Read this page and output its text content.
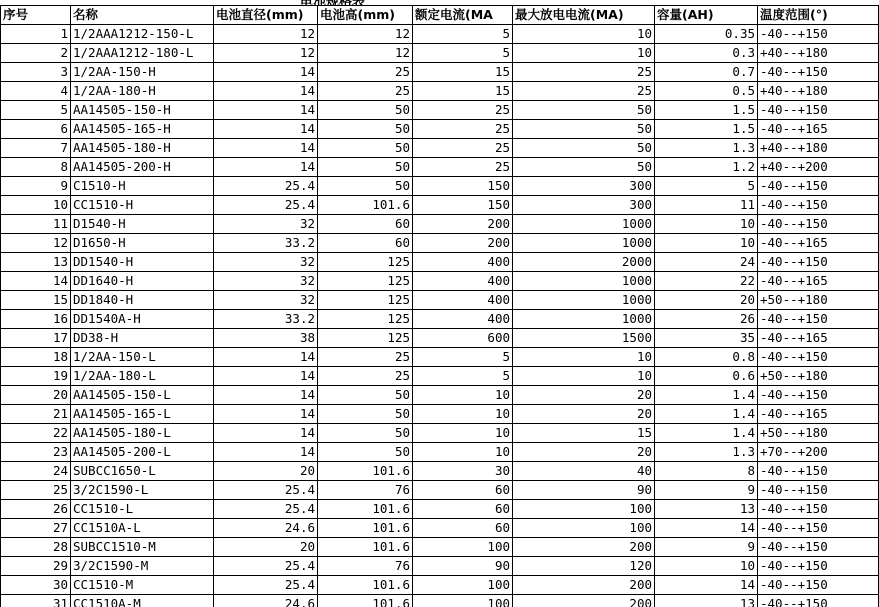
序号	名称	电池直径(mm)	电池高(mm)	额定电流(MA	最大放电电流(MA)	容量(AH)	温度范围(°)
1	1/2AAA1212-150-L	12	12	5	10	0.35	-40--+150
2	1/2AAA1212-180-L	12	12	5	10	0.3	+40--+180
3	1/2AA-150-H	14	25	15	25	0.7	-40--+150
4	1/2AA-180-H	14	25	15	25	0.5	+40--+180
5	AA14505-150-H	14	50	25	50	1.5	-40--+150
6	AA14505-165-H	14	50	25	50	1.5	-40--+165
7	AA14505-180-H	14	50	25	50	1.3	+40--+180
8	AA14505-200-H	14	50	25	50	1.2	+40--+200
9	C1510-H	25.4	50	150	300	5	-40--+150
10	CC1510-H	25.4	101.6	150	300	11	-40--+150
11	D1540-H	32	60	200	1000	10	-40--+150
12	D1650-H	33.2	60	200	1000	10	-40--+165
13	DD1540-H	32	125	400	2000	24	-40--+150
14	DD1640-H	32	125	400	1000	22	-40--+165
15	DD1840-H	32	125	400	1000	20	+50--+180
16	DD1540A-H	33.2	125	400	1000	26	-40--+150
17	DD38-H	38	125	600	1500	35	-40--+165
18	1/2AA-150-L	14	25	5	10	0.8	-40--+150
19	1/2AA-180-L	14	25	5	10	0.6	+50--+180
20	AA14505-150-L	14	50	10	20	1.4	-40--+150
21	AA14505-165-L	14	50	10	20	1.4	-40--+165
22	AA14505-180-L	14	50	10	15	1.4	+50--+180
23	AA14505-200-L	14	50	10	20	1.3	+70--+200
24	SUBCC1650-L	20	101.6	30	40	8	-40--+150
25	3/2C1590-L	25.4	76	60	90	9	-40--+150
26	CC1510-L	25.4	101.6	60	100	13	-40--+150
27	CC1510A-L	24.6	101.6	60	100	14	-40--+150
28	SUBCC1510-M	20	101.6	100	200	9	-40--+150
29	3/2C1590-M	25.4	76	90	120	10	-40--+150
30	CC1510-M	25.4	101.6	100	200	14	-40--+150
31	CC1510A-M	24.6	101.6	100	200	13	-40--+150
